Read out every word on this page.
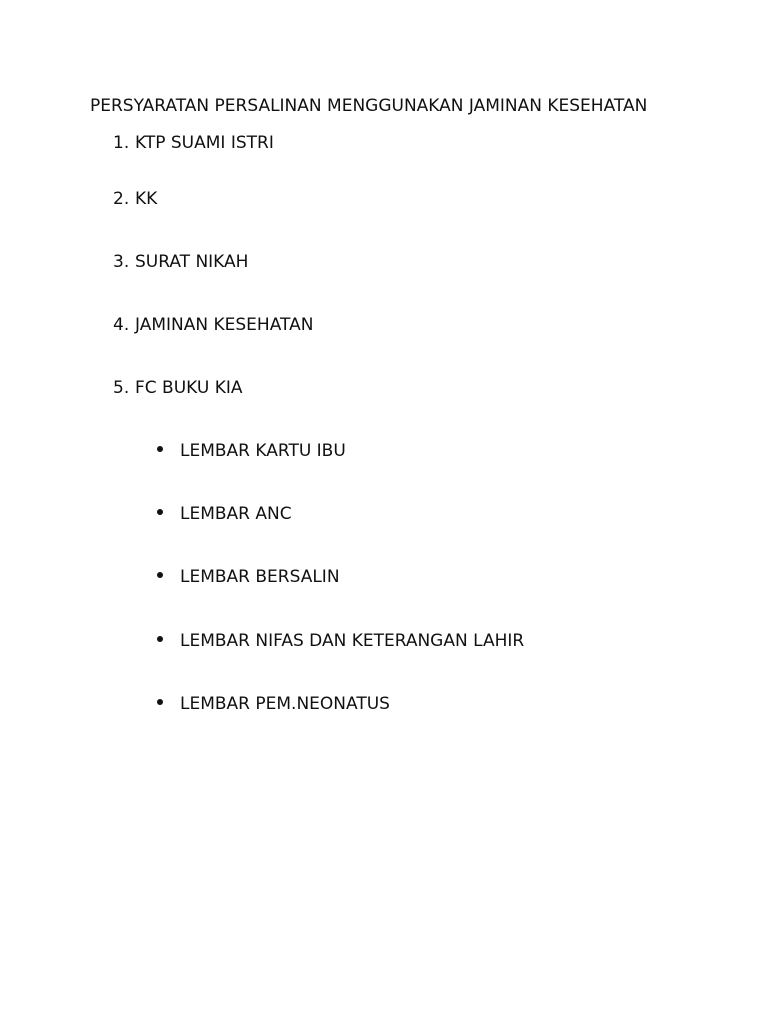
PERSYARATAN PERSALINAN MENGGUNAKAN JAMINAN KESEHATAN
1. KTP SUAMI ISTRI
2. KK
3. SURAT NIKAH
4. JAMINAN KESEHATAN
5. FC BUKU KIA
LEMBAR KARTU IBU
LEMBAR ANC
LEMBAR BERSALIN
LEMBAR NIFAS DAN KETERANGAN LAHIR
LEMBAR PEM.NEONATUS
